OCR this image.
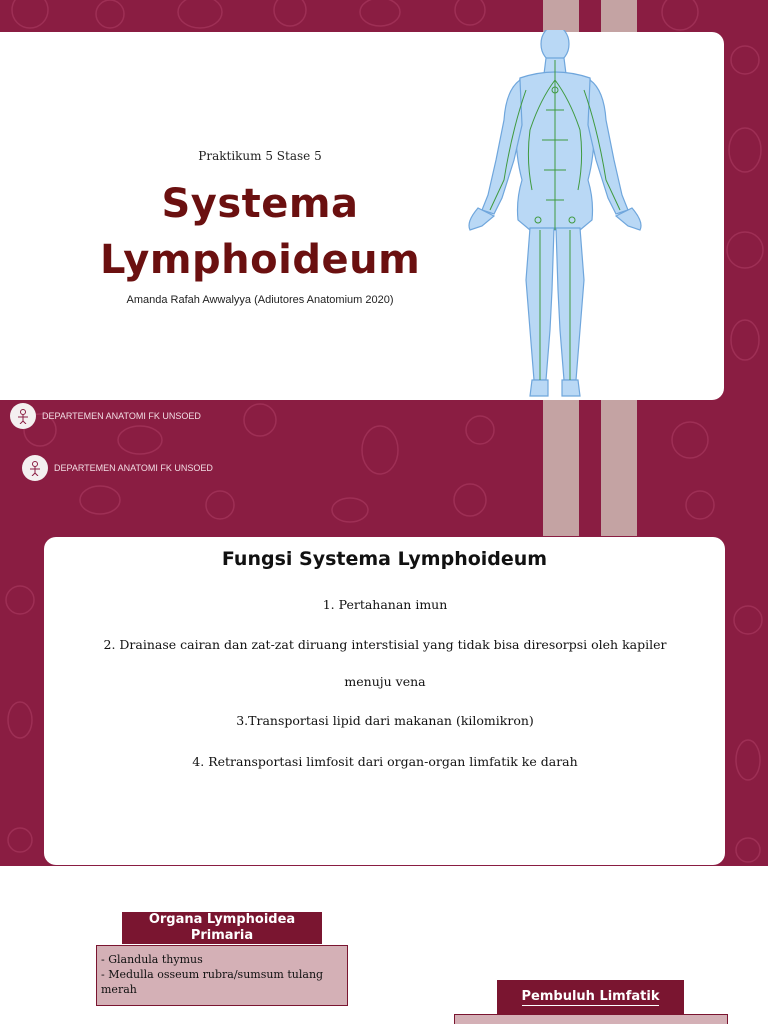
Praktikum 5 Stase 5
Systema
Lymphoideum
Amanda Rafah Awwalyya (Adiutores Anatomium 2020)
DEPARTEMEN ANATOMI FK UNSOED
DEPARTEMEN ANATOMI FK UNSOED
Fungsi Systema Lymphoideum
1. Pertahanan imun
2. Drainase cairan dan zat-zat diruang interstisial yang tidak bisa diresorpsi oleh kapiler
menuju vena
3.Transportasi lipid dari makanan (kilomikron)
4. Retransportasi limfosit dari organ-organ limfatik ke darah
Organa Lymphoidea Primaria
- Glandula thymus
- Medulla osseum rubra/sumsum tulang merah	Pembuluh Limfatik
